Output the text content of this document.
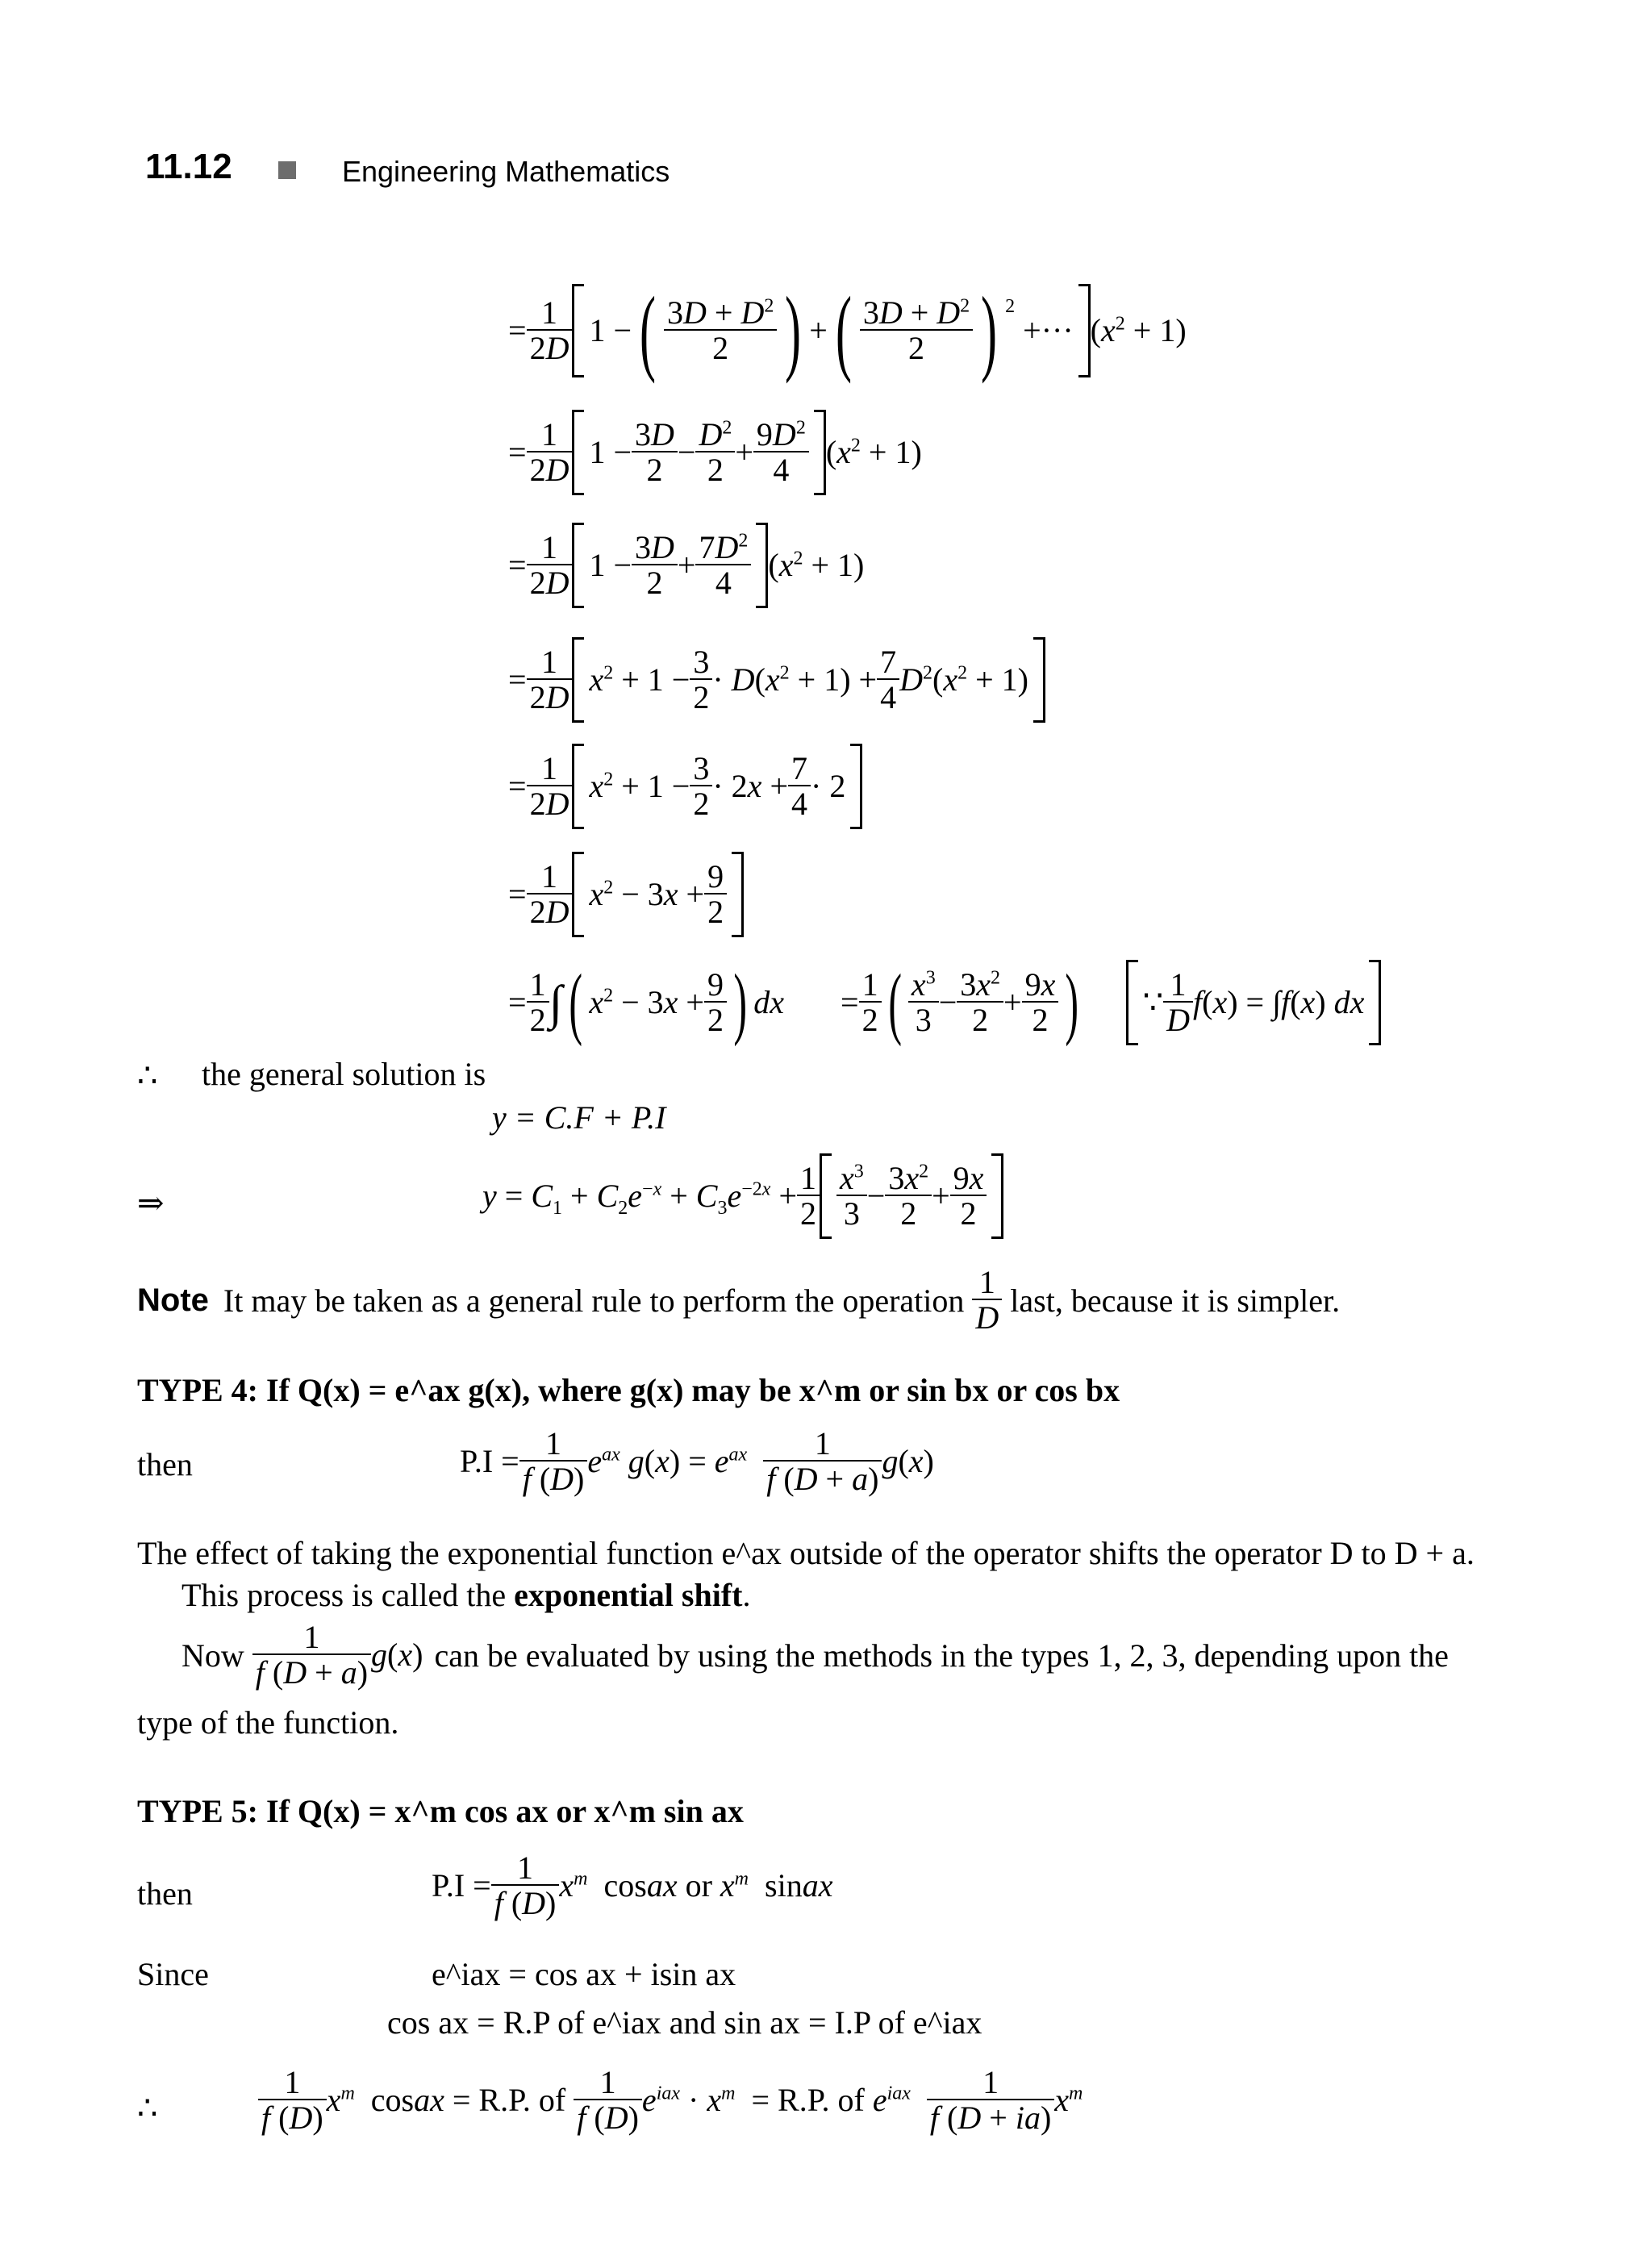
11.12	Engineering Mathematics
= $\frac{1}{2D} 1$ − ( $\frac{3D + D^2}{2}$ ) + ( $\frac{3D + D^2}{2}$ ) 2
+··· $(x^2 + 1)$
= $\frac{1}{2D} 1 - \frac{3D}{2} - \frac{D^2}{2} + \frac{9D^2}{4} (x^2 + 1)$
= $\frac{1}{2D} 1 - \frac{3D}{2} + \frac{7D^2}{4} (x^2 + 1)$
= $\frac{1}{2D} x^2 + 1 - \frac{3}{2} \cdot D(x^2 + 1) + \frac{7}{4} D^2(x^2 + 1)$
= $\frac{1}{2D} x^2 + 1 - \frac{3}{2} \cdot 2x + \frac{7}{4} \cdot 2$
= $\frac{1}{2D} x^2 - 3x + \frac{9}{2}$
= $\frac{1}{2}$ ∫ ( $x^2 - 3x + \frac{9}{2}$ ) dx = $\frac{1}{2}$ ( $\frac{x^3}{3} - \frac{3x^2}{2} + \frac{9x}{2}$ ) ∵ $\frac{1}{D} f(x) = \int f(x)$ dx
∴ the general solution is
y = C.F + P.I
⇒	$y = C_1 + C_2e^{-x} + C_3e^{-2x} + \frac{1}{2} \frac{x^3}{3} - \frac{3x^2}{2} + \frac{9x}{2}$
Note It may be taken as a general rule to perform the operation $\frac{1}{D}$ last, because it is simpler.
TYPE 4: If Q(x) = e^ax g(x), where g(x) may be x^m or sin bx or cos bx
then	$P.I = \frac{1}{f (D)} e^{ax}$ $g(x) = e^{ax} \frac{1}{f (D + a)} g(x)$
The effect of taking the exponential function e^ax outside of the operator shifts the operator D to D + a.
This process is called the exponential shift.
Now $\frac{1}{f (D + a)} g(x)$ can be evaluated by using the methods in the types 1, 2, 3, depending upon the
type of the function.
TYPE 5: If Q(x) = x^m cos ax or x^m sin ax
then	$P.I = \frac{1}{f (D)} x^m$  cosax or $x^m$  sinax
Since	e^iax = cos ax + isin ax
cos ax = R.P of e^iax and sin ax = I.P of e^iax
∴	$\frac{1}{f (D)} x^m$  cosax = R.P. of $\frac{1}{f (D)} e^{iax} \cdot x^m = R.P$. of $e^{iax} \frac{1}{f (D + ia)} x^m$
